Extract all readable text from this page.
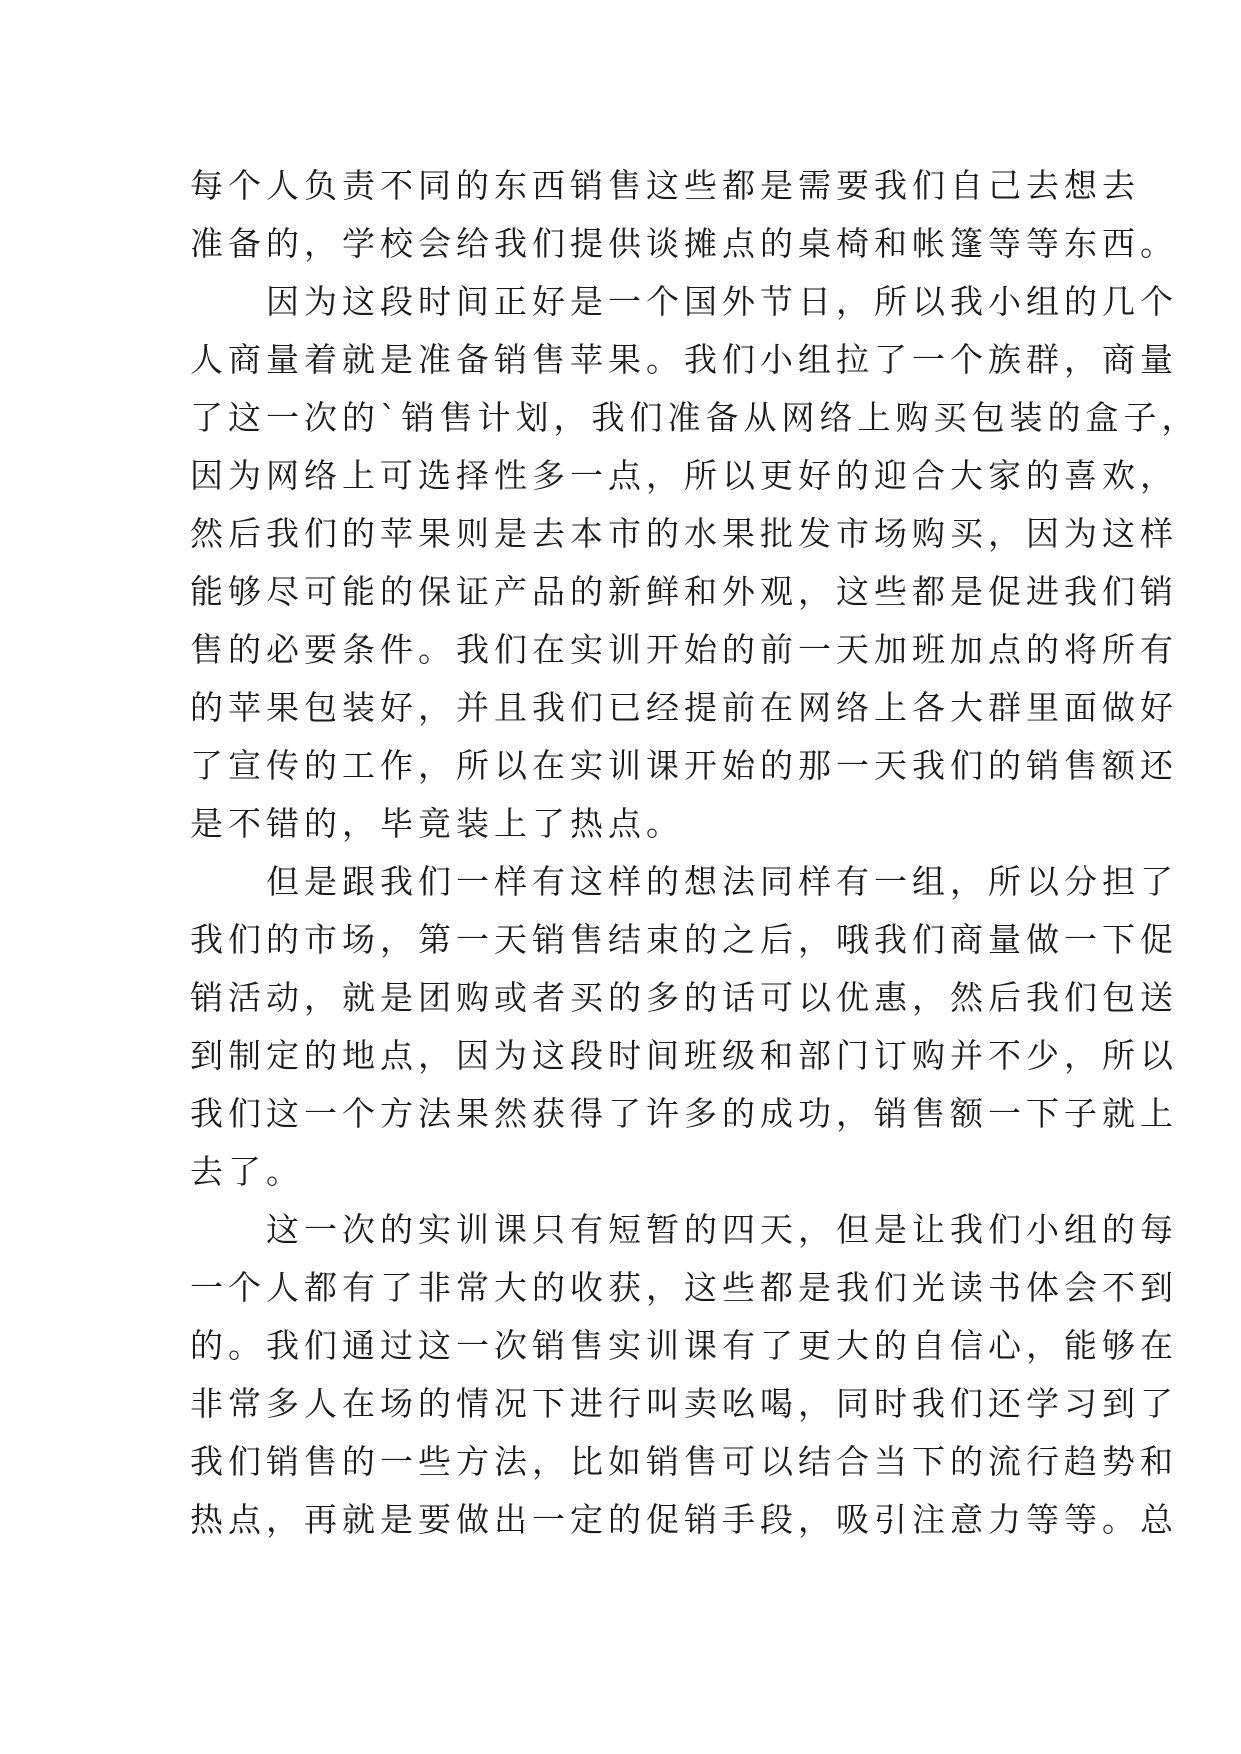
每个人负责不同的东西销售这些都是需要我们自己去想去
准备的，学校会给我们提供谈摊点的桌椅和帐篷等等东西。
因为这段时间正好是一个国外节日，所以我小组的几个
人商量着就是准备销售苹果。我们小组拉了一个族群，商量
了这一次的`销售计划，我们准备从网络上购买包装的盒子，
因为网络上可选择性多一点，所以更好的迎合大家的喜欢，
然后我们的苹果则是去本市的水果批发市场购买，因为这样
能够尽可能的保证产品的新鲜和外观，这些都是促进我们销
售的必要条件。我们在实训开始的前一天加班加点的将所有
的苹果包装好，并且我们已经提前在网络上各大群里面做好
了宣传的工作，所以在实训课开始的那一天我们的销售额还
是不错的，毕竟装上了热点。
但是跟我们一样有这样的想法同样有一组，所以分担了
我们的市场，第一天销售结束的之后，哦我们商量做一下促
销活动，就是团购或者买的多的话可以优惠，然后我们包送
到制定的地点，因为这段时间班级和部门订购并不少，所以
我们这一个方法果然获得了许多的成功，销售额一下子就上
去了。
这一次的实训课只有短暂的四天，但是让我们小组的每
一个人都有了非常大的收获，这些都是我们光读书体会不到
的。我们通过这一次销售实训课有了更大的自信心，能够在
非常多人在场的情况下进行叫卖吆喝，同时我们还学习到了
我们销售的一些方法，比如销售可以结合当下的流行趋势和
热点，再就是要做出一定的促销手段，吸引注意力等等。总
